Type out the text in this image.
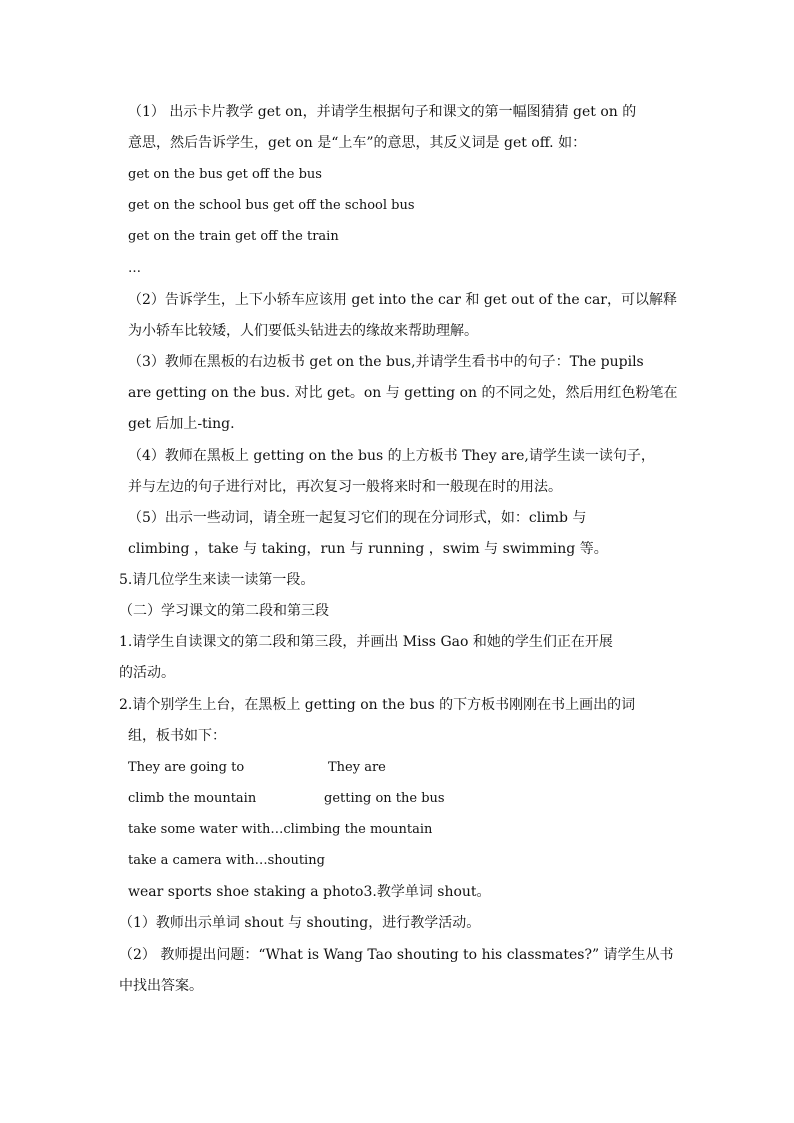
（1） 出示卡片教学 get on，并请学生根据句子和课文的第一幅图猜猜 get on 的
意思，然后告诉学生，get on 是“上车”的意思，其反义词是 get off. 如：
get on the bus get off the bus
get on the school bus get off the school bus
get on the train get off the train
…
（2）告诉学生，上下小轿车应该用 get into the car 和 get out of the car，可以解释
为小轿车比较矮，人们要低头钻进去的缘故来帮助理解。
（3）教师在黑板的右边板书 get on the bus,并请学生看书中的句子：The pupils
are getting on the bus. 对比 get。on 与 getting on 的不同之处，然后用红色粉笔在
get 后加上-ting.
（4）教师在黑板上 getting on the bus 的上方板书 They are,请学生读一读句子，
并与左边的句子进行对比，再次复习一般将来时和一般现在时的用法。
（5）出示一些动词，请全班一起复习它们的现在分词形式，如：climb 与
climbing ，take 与 taking，run 与 running ，swim 与 swimming 等。
5.请几位学生来读一读第一段。
（二）学习课文的第二段和第三段
1.请学生自读课文的第二段和第三段，并画出 Miss Gao 和她的学生们正在开展
的活动。
2.请个别学生上台，在黑板上 getting on the bus 的下方板书刚刚在书上画出的词
组，板书如下：
They are going to	They are
climb the mountain	getting on the bus
take some water with…climbing the mountain
take a camera with…shouting
wear sports shoe staking a photo3.教学单词 shout。
（1）教师出示单词 shout 与 shouting，进行教学活动。
（2） 教师提出问题：“What is Wang Tao shouting to his classmates?” 请学生从书
中找出答案。
